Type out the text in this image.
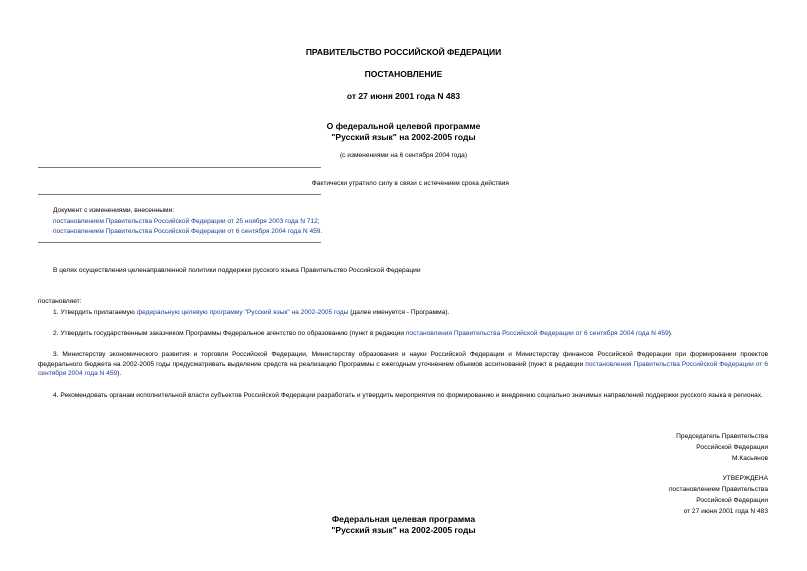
ПРАВИТЕЛЬСТВО РОССИЙСКОЙ ФЕДЕРАЦИИ
ПОСТАНОВЛЕНИЕ
от 27 июня 2001 года N 483
О федеральной целевой программе
"Русский язык" на 2002-2005 годы
(с изменениями на 6 сентября 2004 года)
Фактически утратило силу в связи с истечением срока действия
Документ с изменениями, внесенными:
постановлением Правительства Российской Федерации от 25 ноября 2003 года N 712;
постановлением Правительства Российской Федерации от 6 сентября 2004 года N 459.
В целях осуществления целенаправленной политики поддержки русского языка Правительство Российской Федерации
постановляет:
1. Утвердить прилагаемую федеральную целевую программу "Русский язык" на 2002-2005 годы (далее именуется - Программа).
2. Утвердить государственным заказчиком Программы Федеральное агентство по образованию (пункт в редакции постановления Правительства Российской Федерации от 6 сентября 2004 года N 459).
3. Министерству экономического развития и торговли Российской Федерации, Министерству образования и науки Российской Федерации и Министерству финансов Российской Федерации при формировании проектов федерального бюджета на 2002-2005 годы предусматривать выделение средств на реализацию Программы с ежегодным уточнением объемов ассигнований (пункт в редакции постановления Правительства Российской Федерации от 6 сентября 2004 года N 459).
4. Рекомендовать органам исполнительной власти субъектов Российской Федерации разработать и утвердить мероприятия по формированию и внедрению социально значимых направлений поддержки русского языка в регионах.
Председатель Правительства
Российской Федерации
М.Касьянов
УТВЕРЖДЕНА
постановлением Правительства
Российской Федерации
от 27 июня 2001 года N 483
Федеральная целевая программа
"Русский язык" на 2002-2005 годы
